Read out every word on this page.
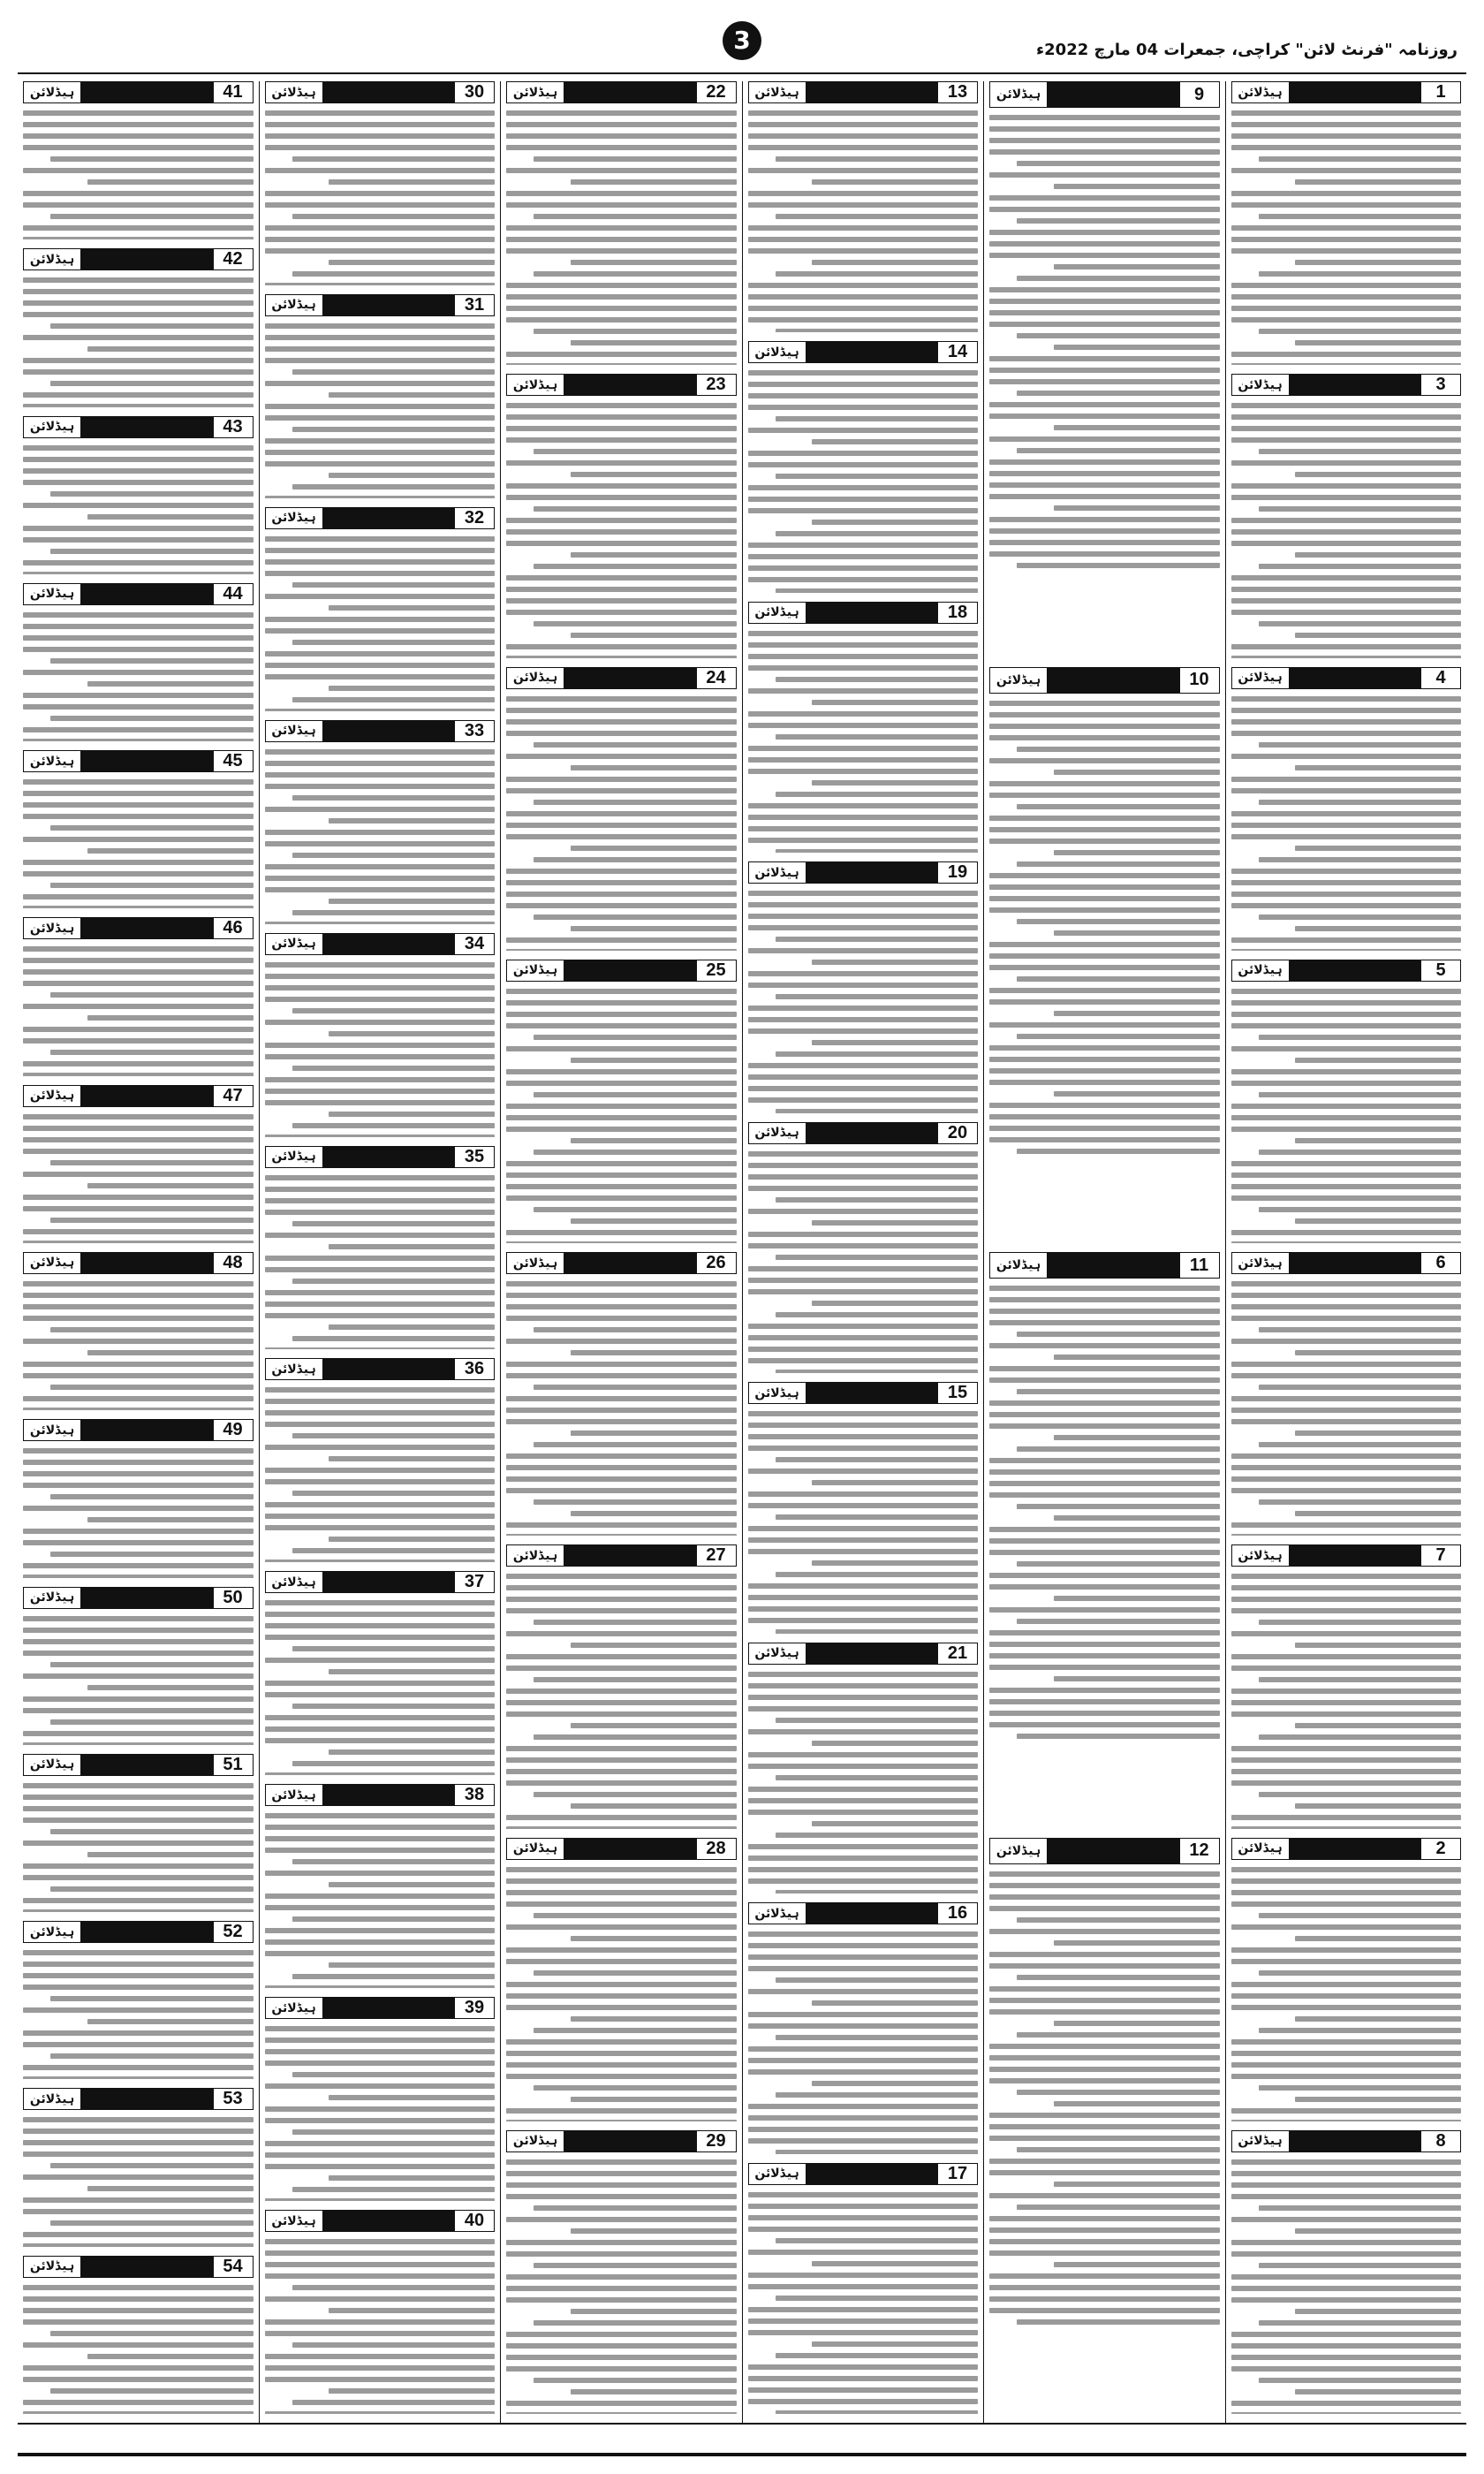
3	روزنامہ "فرنٹ لائن" کراچی، جمعرات 04 مارچ 2022ء
1
ہیڈلائن
3
ہیڈلائن
4
ہیڈلائن
5
ہیڈلائن
6
ہیڈلائن
7
ہیڈلائن
2
ہیڈلائن
8
ہیڈلائن
9
ہیڈلائن
10
ہیڈلائن
11
ہیڈلائن
12
ہیڈلائن
13
ہیڈلائن
14
ہیڈلائن
18
ہیڈلائن
19
ہیڈلائن
20
ہیڈلائن
15
ہیڈلائن
21
ہیڈلائن
16
ہیڈلائن
17
ہیڈلائن
22
ہیڈلائن
23
ہیڈلائن
24
ہیڈلائن
25
ہیڈلائن
26
ہیڈلائن
27
ہیڈلائن
28
ہیڈلائن
29
ہیڈلائن
30
ہیڈلائن
31
ہیڈلائن
32
ہیڈلائن
33
ہیڈلائن
34
ہیڈلائن
35
ہیڈلائن
36
ہیڈلائن
37
ہیڈلائن
38
ہیڈلائن
39
ہیڈلائن
40
ہیڈلائن
41
ہیڈلائن
42
ہیڈلائن
43
ہیڈلائن
44
ہیڈلائن
45
ہیڈلائن
46
ہیڈلائن
47
ہیڈلائن
48
ہیڈلائن
49
ہیڈلائن
50
ہیڈلائن
51
ہیڈلائن
52
ہیڈلائن
53
ہیڈلائن
54
ہیڈلائن
